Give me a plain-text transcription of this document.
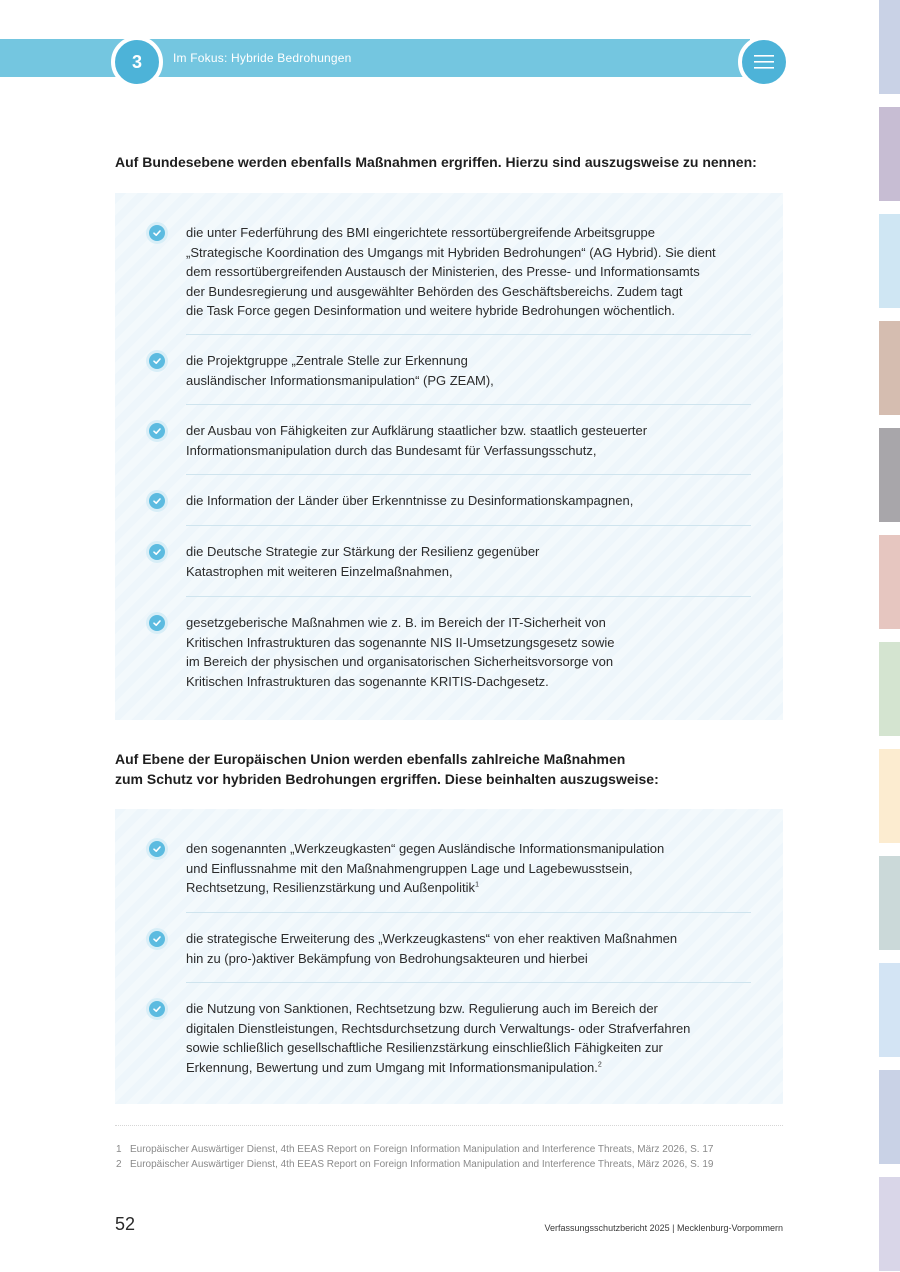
3	Im Fokus: Hybride Bedrohungen
Auf Bundesebene werden ebenfalls Maßnahmen ergriffen. Hierzu sind auszugsweise zu nennen:
die unter Federführung des BMI eingerichtete ressortübergreifende Arbeitsgruppe
„Strategische Koordination des Umgangs mit Hybriden Bedrohungen“ (AG Hybrid). Sie dient
dem ressortübergreifenden Austausch der Ministerien, des Presse- und Informationsamts
der Bundesregierung und ausgewählter Behörden des Geschäftsbereichs. Zudem tagt
die Task Force gegen Desinformation und weitere hybride Bedrohungen wöchentlich.
die Projektgruppe „Zentrale Stelle zur Erkennung
ausländischer Informationsmanipulation“ (PG ZEAM),
der Ausbau von Fähigkeiten zur Aufklärung staatlicher bzw. staatlich gesteuerter
Informationsmanipulation durch das Bundesamt für Verfassungsschutz,
die Information der Länder über Erkenntnisse zu Desinformationskampagnen,
die Deutsche Strategie zur Stärkung der Resilienz gegenüber
Katastrophen mit weiteren Einzelmaßnahmen,
gesetzgeberische Maßnahmen wie z. B. im Bereich der IT-Sicherheit von
Kritischen Infrastrukturen das sogenannte NIS II-Umsetzungsgesetz sowie
im Bereich der physischen und organisatorischen Sicherheitsvorsorge von
Kritischen Infrastrukturen das sogenannte KRITIS-Dachgesetz.
Auf Ebene der Europäischen Union werden ebenfalls zahlreiche Maßnahmen
zum Schutz vor hybriden Bedrohungen ergriffen. Diese beinhalten auszugsweise:
den sogenannten „Werkzeugkasten“ gegen Ausländische Informationsmanipulation
und Einflussnahme mit den Maßnahmengruppen Lage und Lagebewusstsein,
Rechtsetzung, Resilienzstärkung und Außenpolitik$^1$
die strategische Erweiterung des „Werkzeugkastens“ von eher reaktiven Maßnahmen
hin zu (pro-)aktiver Bekämpfung von Bedrohungsakteuren und hierbei
die Nutzung von Sanktionen, Rechtsetzung bzw. Regulierung auch im Bereich der
digitalen Dienstleistungen, Rechtsdurchsetzung durch Verwaltungs- oder Strafverfahren
sowie schließlich gesellschaftliche Resilienzstärkung einschließlich Fähigkeiten zur
Erkennung, Bewertung und zum Umgang mit Informationsmanipulation.$^2$
1 Europäischer Auswärtiger Dienst, 4th EEAS Report on Foreign Information Manipulation and Interference Threats, März 2026, S. 17
2 Europäischer Auswärtiger Dienst, 4th EEAS Report on Foreign Information Manipulation and Interference Threats, März 2026, S. 19
52	Verfassungsschutzbericht 2025 | Mecklenburg-Vorpommern
